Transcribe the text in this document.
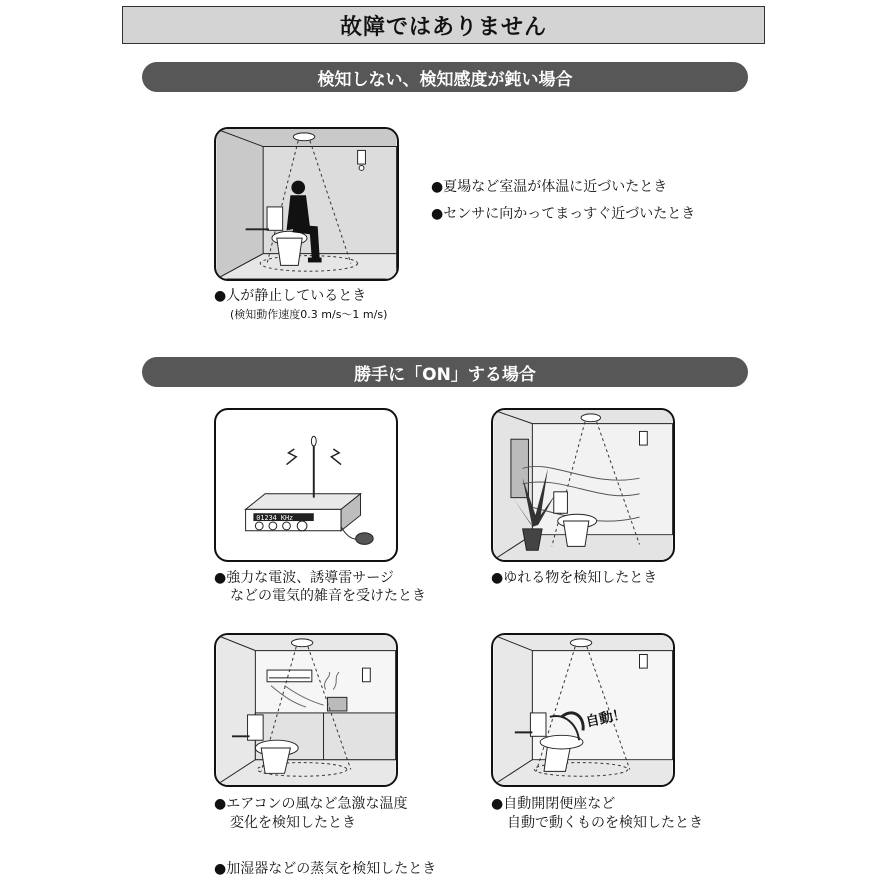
故障ではありません
検知しない、検知感度が鈍い場合
●人が静止しているとき
(検知動作速度0.3 m/s～1 m/s)
●夏場など室温が体温に近づいたとき
●センサに向かってまっすぐ近づいたとき
勝手に「ON」する場合
01234 KHz
●強力な電波、誘導雷サージ
などの電気的雑音を受けたとき
●ゆれる物を検知したとき
●エアコンの風など急激な温度
変化を検知したとき
自動！
●自動開閉便座など
自動で動くものを検知したとき
●加湿器などの蒸気を検知したとき
